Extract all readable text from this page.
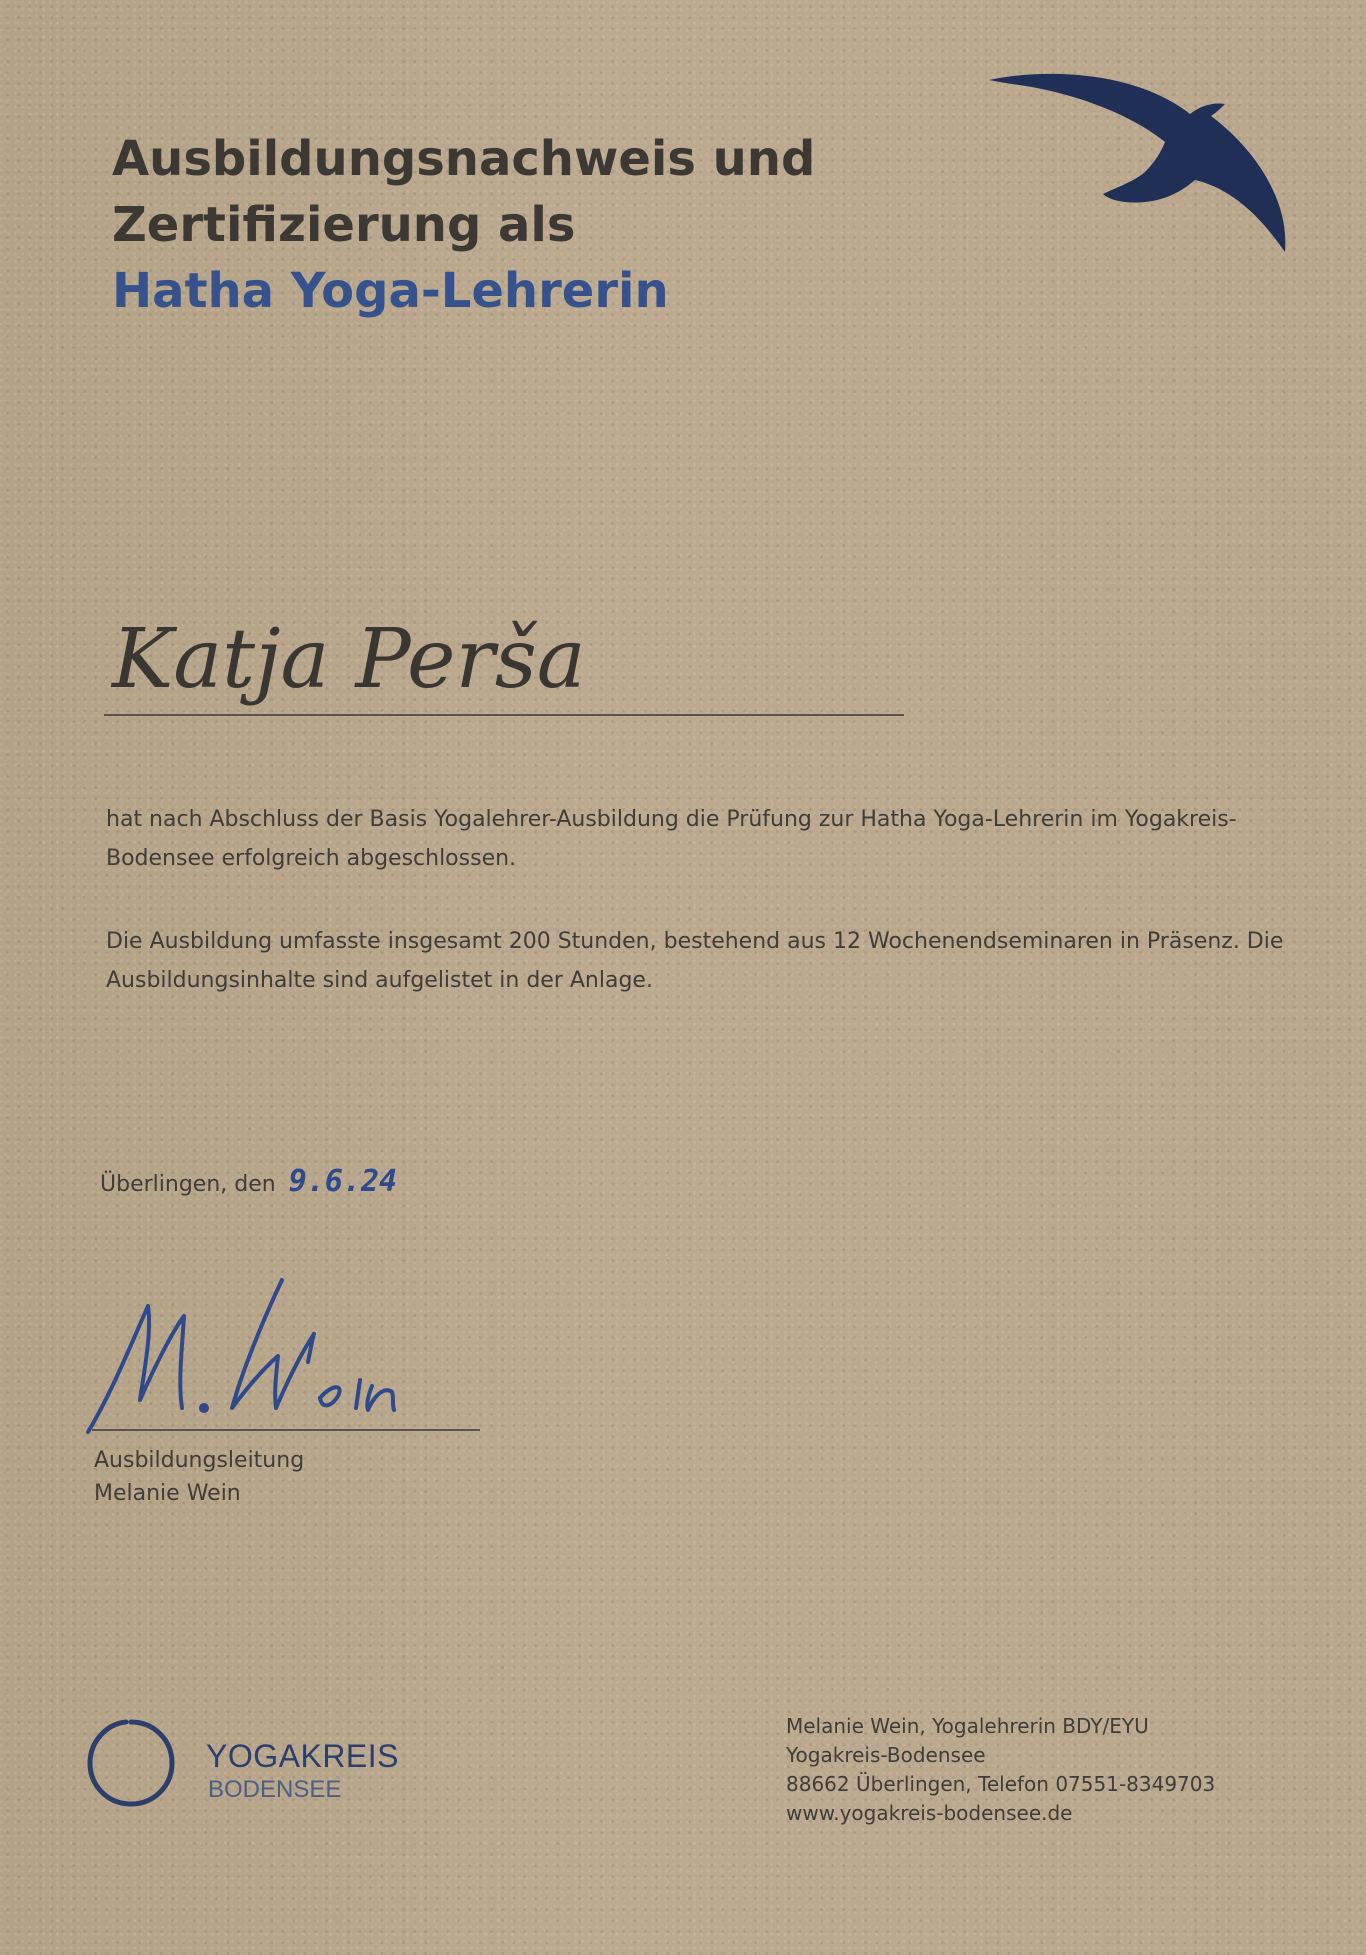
Ausbildungsnachweis und
Zertifizierung als
Hatha Yoga-Lehrerin
Katja Perša

hat nach Abschluss der Basis Yogalehrer-Ausbildung die Prüfung zur Hatha Yoga-Lehrerin im Yogakreis-Bodensee erfolgreich abgeschlossen.

Die Ausbildung umfasste insgesamt 200 Stunden, bestehend aus 12 Wochenendseminaren in Präsenz. Die Ausbildungsinhalte sind aufgelistet in der Anlage.

Überlingen, den 9.6.24
Ausbildungsleitung
Melanie Wein
YOGAKREIS
BODENSEE
Melanie Wein, Yogalehrerin BDY/EYU
Yogakreis-Bodensee
88662 Überlingen, Telefon 07551-8349703
www.yogakreis-bodensee.de
